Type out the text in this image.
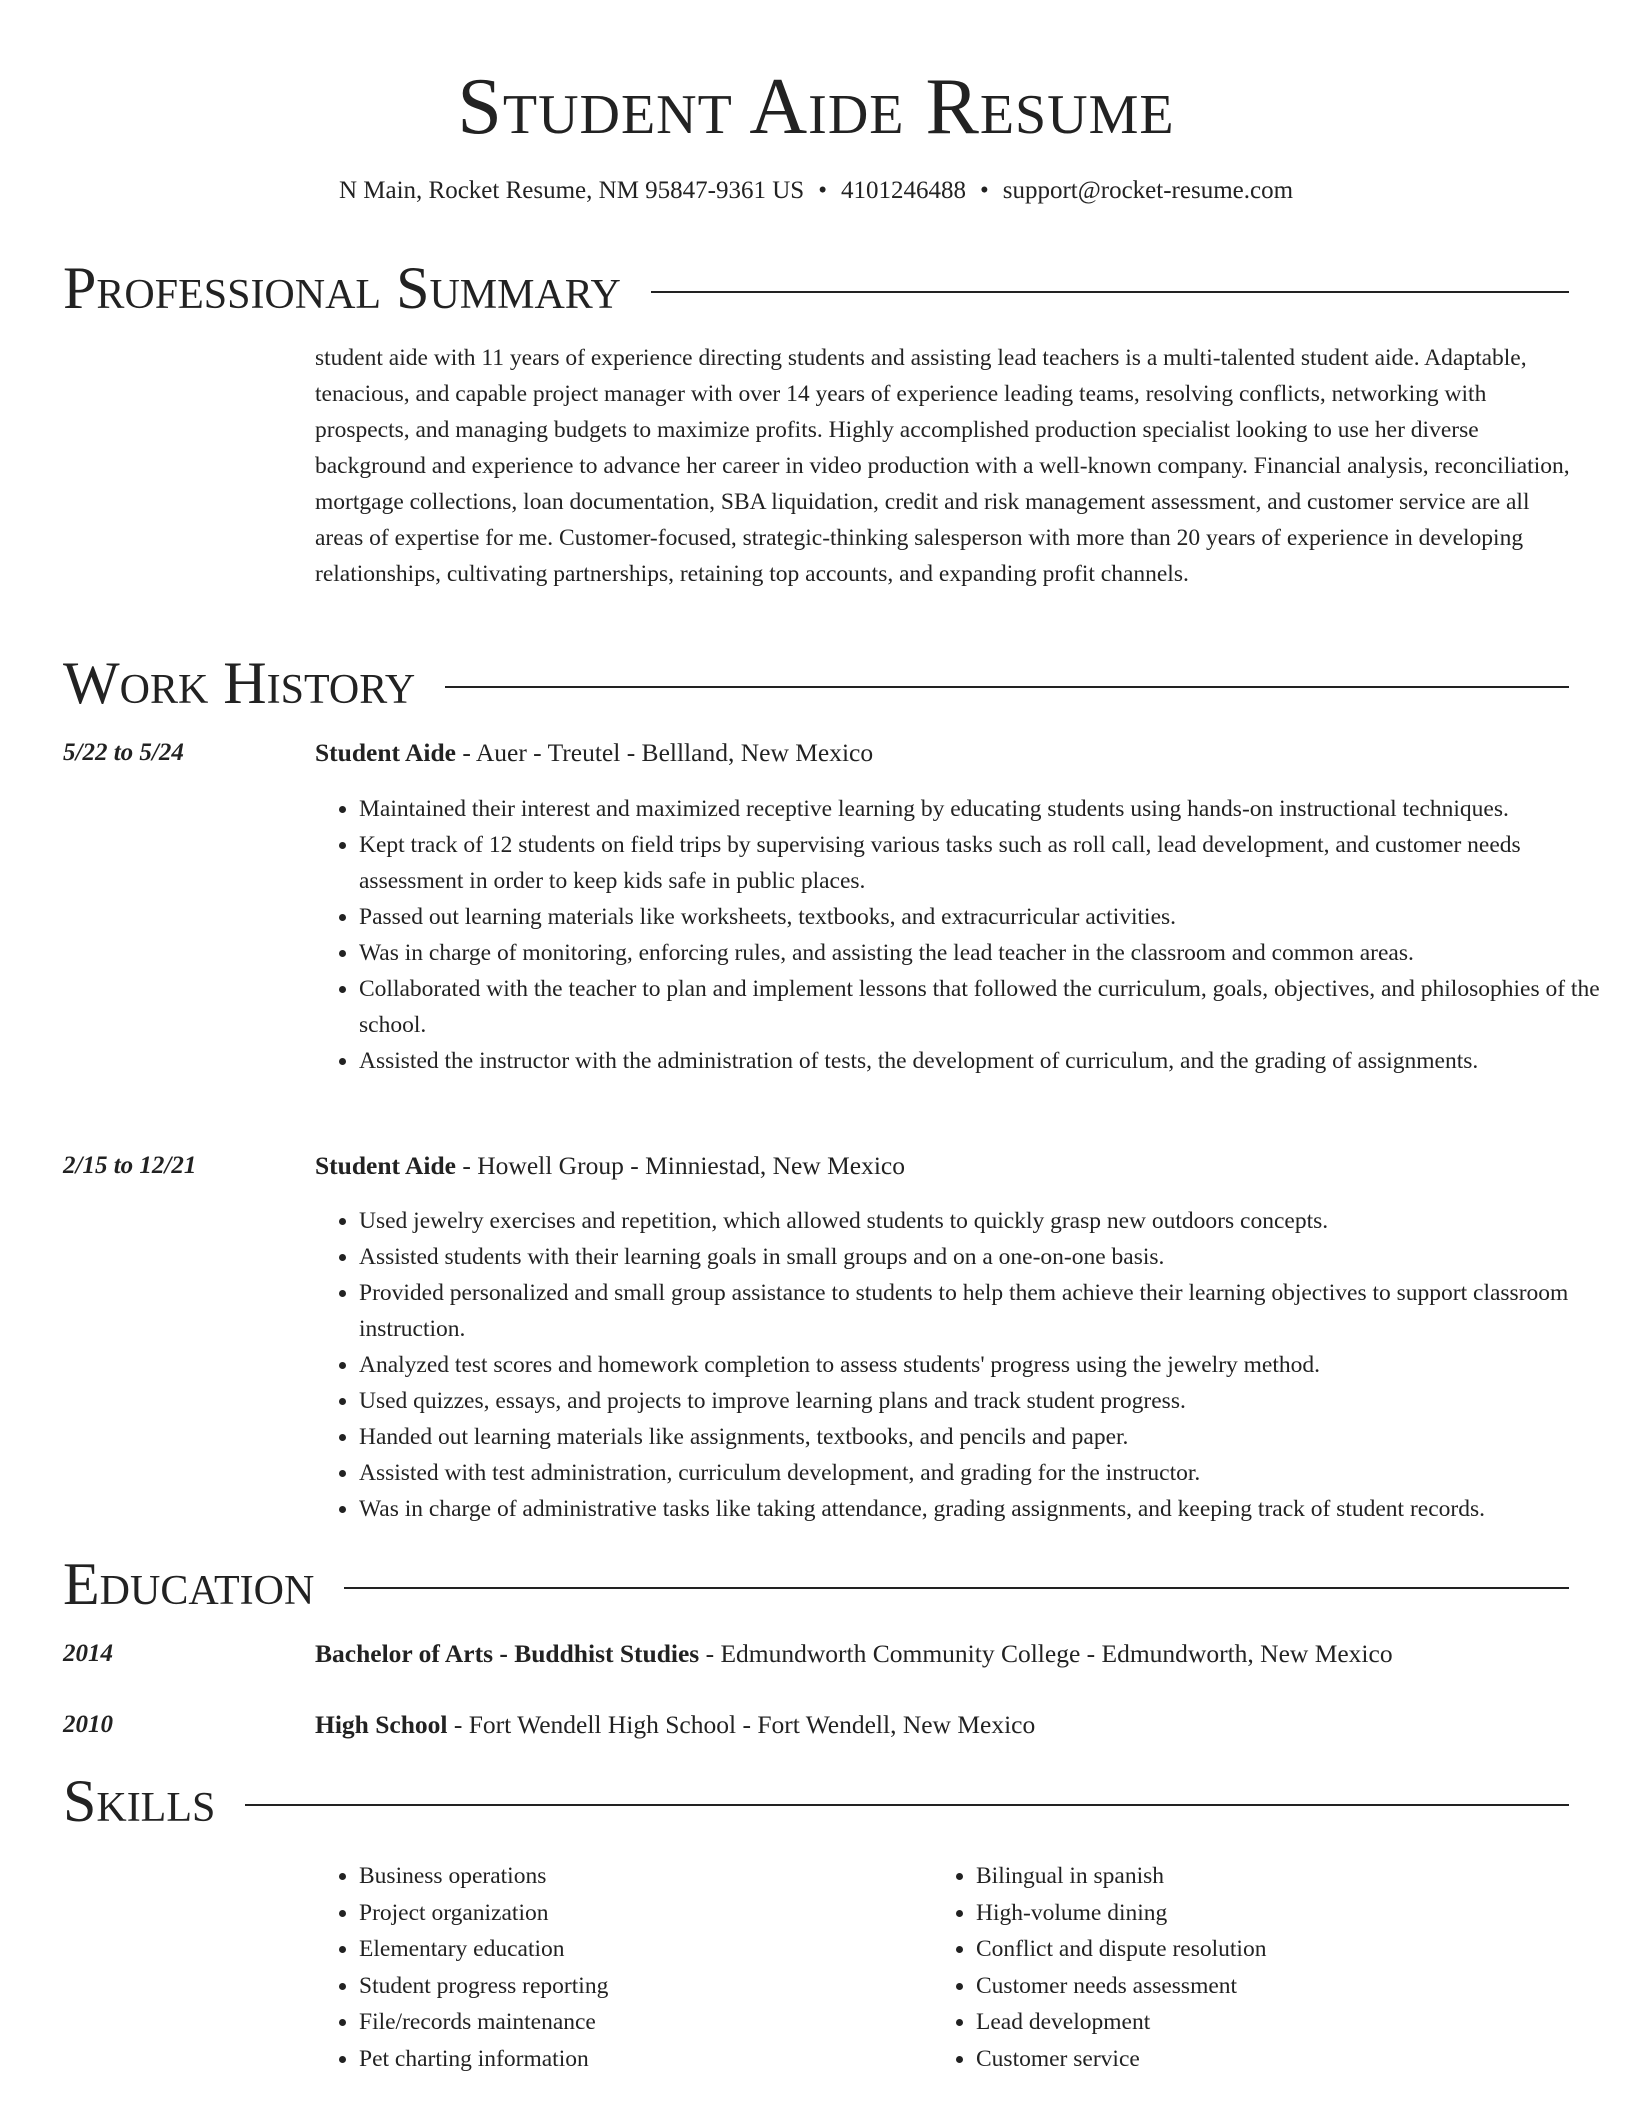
Student Aide Resume
N Main, Rocket Resume, NM 95847-9361 US • 4101246488 • support@rocket-resume.com
Professional Summary

student aide with 11 years of experience directing students and assisting lead teachers is a multi-talented student aide. Adaptable, tenacious, and capable project manager with over 14 years of experience leading teams, resolving conflicts, networking with prospects, and managing budgets to maximize profits. Highly accomplished production specialist looking to use her diverse background and experience to advance her career in video production with a well-known company. Financial analysis, reconciliation, mortgage collections, loan documentation, SBA liquidation, credit and risk management assessment, and customer service are all areas of expertise for me. Customer-focused, strategic-thinking salesperson with more than 20 years of experience in developing relationships, cultivating partnerships, retaining top accounts, and expanding profit channels.

Work History
5/22 to 5/24	Student Aide - Auer - Treutel - Bellland, New Mexico
• Maintained their interest and maximized receptive learning by educating students using hands-on instructional techniques.
• Kept track of 12 students on field trips by supervising various tasks such as roll call, lead development, and customer needs assessment in order to keep kids safe in public places.
• Passed out learning materials like worksheets, textbooks, and extracurricular activities.
• Was in charge of monitoring, enforcing rules, and assisting the lead teacher in the classroom and common areas.
• Collaborated with the teacher to plan and implement lessons that followed the curriculum, goals, objectives, and philosophies of the school.
• Assisted the instructor with the administration of tests, the development of curriculum, and the grading of assignments.
2/15 to 12/21	Student Aide - Howell Group - Minniestad, New Mexico
• Used jewelry exercises and repetition, which allowed students to quickly grasp new outdoors concepts.
• Assisted students with their learning goals in small groups and on a one-on-one basis.
• Provided personalized and small group assistance to students to help them achieve their learning objectives to support classroom instruction.
• Analyzed test scores and homework completion to assess students' progress using the jewelry method.
• Used quizzes, essays, and projects to improve learning plans and track student progress.
• Handed out learning materials like assignments, textbooks, and pencils and paper.
• Assisted with test administration, curriculum development, and grading for the instructor.
• Was in charge of administrative tasks like taking attendance, grading assignments, and keeping track of student records.
Education
2014	Bachelor of Arts - Buddhist Studies - Edmundworth Community College - Edmundworth, New Mexico
2010	High School - Fort Wendell High School - Fort Wendell, New Mexico
Skills
• Business operations
• Project organization
• Elementary education
• Student progress reporting
• File/records maintenance
• Pet charting information
• Bilingual in spanish
• High-volume dining
• Conflict and dispute resolution
• Customer needs assessment
• Lead development
• Customer service
